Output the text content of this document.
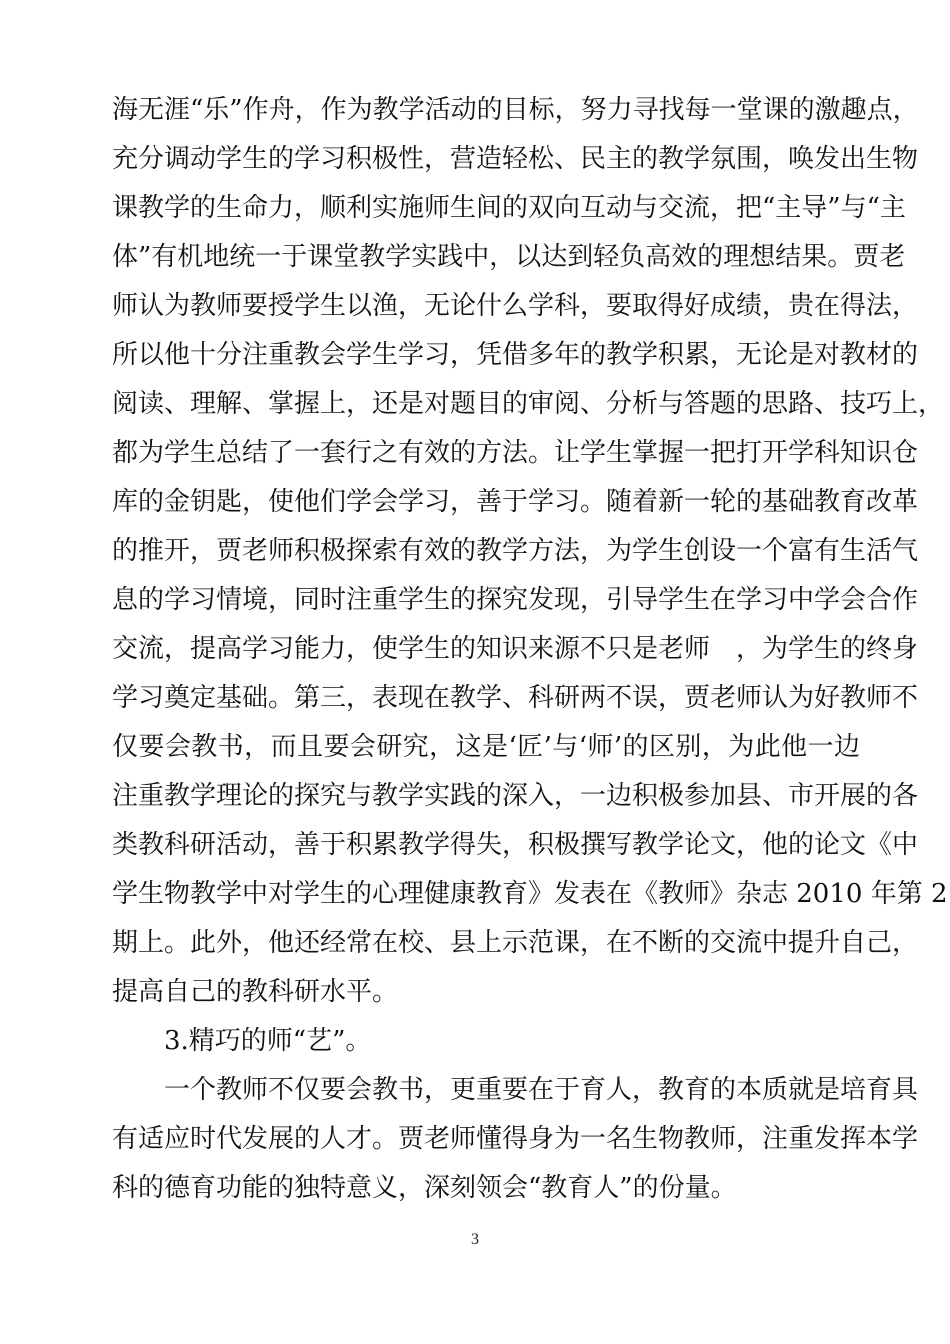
海无涯“乐”作舟，作为教学活动的目标，努力寻找每一堂课的激趣点，
充分调动学生的学习积极性，营造轻松、民主的教学氛围，唤发出生物
课教学的生命力，顺利实施师生间的双向互动与交流，把“主导”与“主
体”有机地统一于课堂教学实践中，以达到轻负高效的理想结果。贾老
师认为教师要授学生以渔，无论什么学科，要取得好成绩，贵在得法，
所以他十分注重教会学生学习，凭借多年的教学积累，无论是对教材的
阅读、理解、掌握上，还是对题目的审阅、分析与答题的思路、技巧上，
都为学生总结了一套行之有效的方法。让学生掌握一把打开学科知识仓
库的金钥匙，使他们学会学习，善于学习。随着新一轮的基础教育改革
的推开，贾老师积极探索有效的教学方法，为学生创设一个富有生活气
息的学习情境，同时注重学生的探究发现，引导学生在学习中学会合作
交流，提高学习能力，使学生的知识来源不只是老师　，为学生的终身
学习奠定基础。第三，表现在教学、科研两不误，贾老师认为好教师不
仅要会教书，而且要会研究，这是‘匠’与‘师’的区别，为此他一边
注重教学理论的探究与教学实践的深入，一边积极参加县、市开展的各
类教科研活动，善于积累教学得失，积极撰写教学论文，他的论文《中
学生物教学中对学生的心理健康教育》发表在《教师》杂志 2010 年第 2
期上。此外，他还经常在校、县上示范课，在不断的交流中提升自己，
提高自己的教科研水平。
3.精巧的师“艺”。
一个教师不仅要会教书，更重要在于育人，教育的本质就是培育具
有适应时代发展的人才。贾老师懂得身为一名生物教师，注重发挥本学
科的德育功能的独特意义，深刻领会“教育人”的份量。
3
